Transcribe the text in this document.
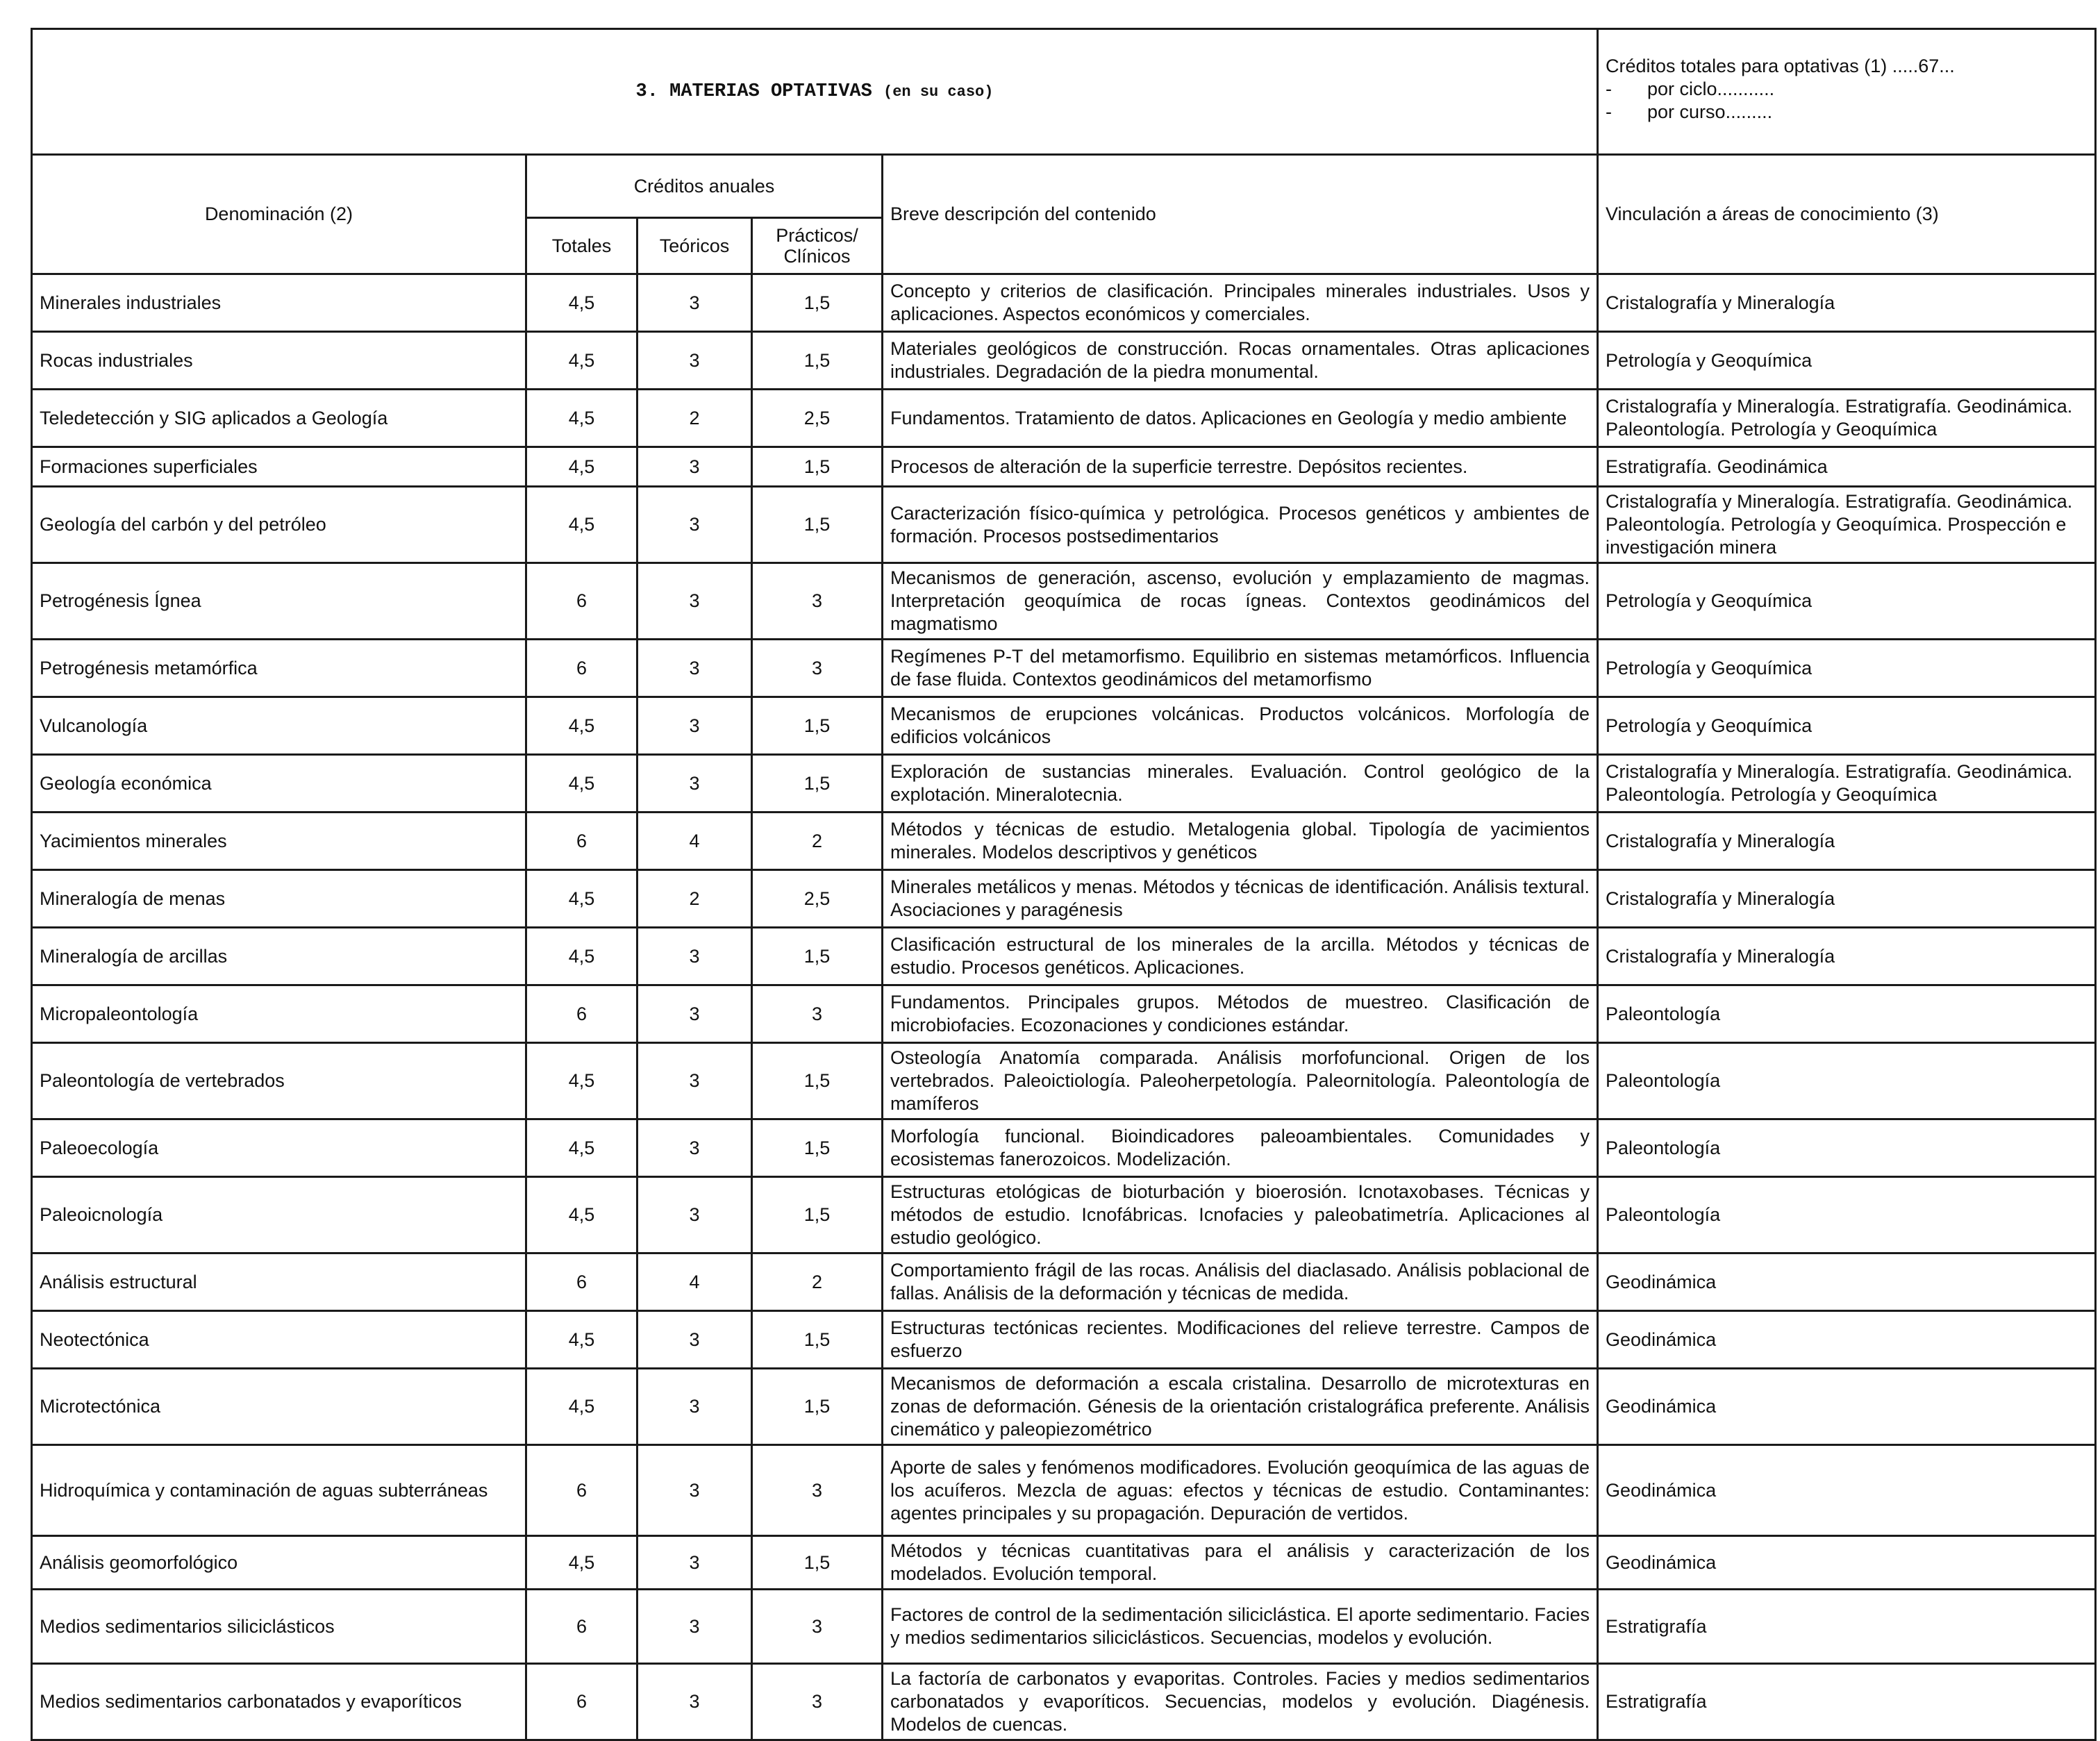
3. MATERIAS OPTATIVAS (en su caso)					Créditos totales para optativas (1) .....67...
- por ciclo...........
- por curso.........

Denominación (2)	Créditos anuales			Breve descripción del contenido	Vinculación a áreas de conocimiento (3)
	Totales	Teóricos	Prácticos/ Clínicos		
Minerales industriales	4,5	3	1,5	Concepto y criterios de clasificación. Principales minerales industriales. Usos y aplicaciones. Aspectos económicos y comerciales.	Cristalografía y Mineralogía
Rocas industriales	4,5	3	1,5	Materiales geológicos de construcción. Rocas ornamentales. Otras aplicaciones industriales. Degradación de la piedra monumental.	Petrología y Geoquímica
Teledetección y SIG aplicados a Geología	4,5	2	2,5	Fundamentos. Tratamiento de datos. Aplicaciones en Geología y medio ambiente	Cristalografía y Mineralogía. Estratigrafía. Geodinámica. Paleontología. Petrología y Geoquímica
Formaciones superficiales	4,5	3	1,5	Procesos de alteración de la superficie terrestre. Depósitos recientes.	Estratigrafía. Geodinámica
Geología del carbón y del petróleo	4,5	3	1,5	Caracterización físico-química y petrológica. Procesos genéticos y ambientes de formación. Procesos postsedimentarios	Cristalografía y Mineralogía. Estratigrafía. Geodinámica. Paleontología. Petrología y Geoquímica. Prospección e investigación minera
Petrogénesis Ígnea	6	3	3	Mecanismos de generación, ascenso, evolución y emplazamiento de magmas. Interpretación geoquímica de rocas ígneas. Contextos geodinámicos del magmatismo	Petrología y Geoquímica
Petrogénesis metamórfica	6	3	3	Regímenes P-T del metamorfismo. Equilibrio en sistemas metamórficos. Influencia de fase fluida. Contextos geodinámicos del metamorfismo	Petrología y Geoquímica
Vulcanología	4,5	3	1,5	Mecanismos de erupciones volcánicas. Productos volcánicos. Morfología de edificios volcánicos	Petrología y Geoquímica
Geología económica	4,5	3	1,5	Exploración de sustancias minerales. Evaluación. Control geológico de la explotación. Mineralotecnia.	Cristalografía y Mineralogía. Estratigrafía. Geodinámica. Paleontología. Petrología y Geoquímica
Yacimientos minerales	6	4	2	Métodos y técnicas de estudio. Metalogenia global. Tipología de yacimientos minerales. Modelos descriptivos y genéticos	Cristalografía y Mineralogía
Mineralogía de menas	4,5	2	2,5	Minerales metálicos y menas. Métodos y técnicas de identificación. Análisis textural. Asociaciones y paragénesis	Cristalografía y Mineralogía
Mineralogía de arcillas	4,5	3	1,5	Clasificación estructural de los minerales de la arcilla. Métodos y técnicas de estudio. Procesos genéticos. Aplicaciones.	Cristalografía y Mineralogía
Micropaleontología	6	3	3	Fundamentos. Principales grupos. Métodos de muestreo. Clasificación de microbiofacies. Ecozonaciones y condiciones estándar.	Paleontología
Paleontología de vertebrados	4,5	3	1,5	Osteología Anatomía comparada. Análisis morfofuncional. Origen de los vertebrados. Paleoictiología. Paleoherpetología. Paleornitología. Paleontología de mamíferos	Paleontología
Paleoecología	4,5	3	1,5	Morfología funcional. Bioindicadores paleoambientales. Comunidades y ecosistemas fanerozoicos. Modelización.	Paleontología
Paleoicnología	4,5	3	1,5	Estructuras etológicas de bioturbación y bioerosión. Icnotaxobases. Técnicas y métodos de estudio. Icnofábricas. Icnofacies y paleobatimetría. Aplicaciones al estudio geológico.	Paleontología
Análisis estructural	6	4	2	Comportamiento frágil de las rocas. Análisis del diaclasado. Análisis poblacional de fallas. Análisis de la deformación y técnicas de medida.	Geodinámica
Neotectónica	4,5	3	1,5	Estructuras tectónicas recientes. Modificaciones del relieve terrestre. Campos de esfuerzo	Geodinámica
Microtectónica	4,5	3	1,5	Mecanismos de deformación a escala cristalina. Desarrollo de microtexturas en zonas de deformación. Génesis de la orientación cristalográfica preferente. Análisis cinemático y paleopiezométrico	Geodinámica
Hidroquímica y contaminación de aguas subterráneas	6	3	3	Aporte de sales y fenómenos modificadores. Evolución geoquímica de las aguas de los acuíferos. Mezcla de aguas: efectos y técnicas de estudio. Contaminantes: agentes principales y su propagación. Depuración de vertidos.	Geodinámica
Análisis geomorfológico	4,5	3	1,5	Métodos y técnicas cuantitativas para el análisis y caracterización de los modelados. Evolución temporal.	Geodinámica
Medios sedimentarios siliciclásticos	6	3	3	Factores de control de la sedimentación siliciclástica. El aporte sedimentario. Facies y medios sedimentarios siliciclásticos. Secuencias, modelos y evolución.	Estratigrafía
Medios sedimentarios carbonatados y evaporíticos	6	3	3	La factoría de carbonatos y evaporitas. Controles. Facies y medios sedimentarios carbonatados y evaporíticos. Secuencias, modelos y evolución. Diagénesis. Modelos de cuencas.	Estratigrafía
